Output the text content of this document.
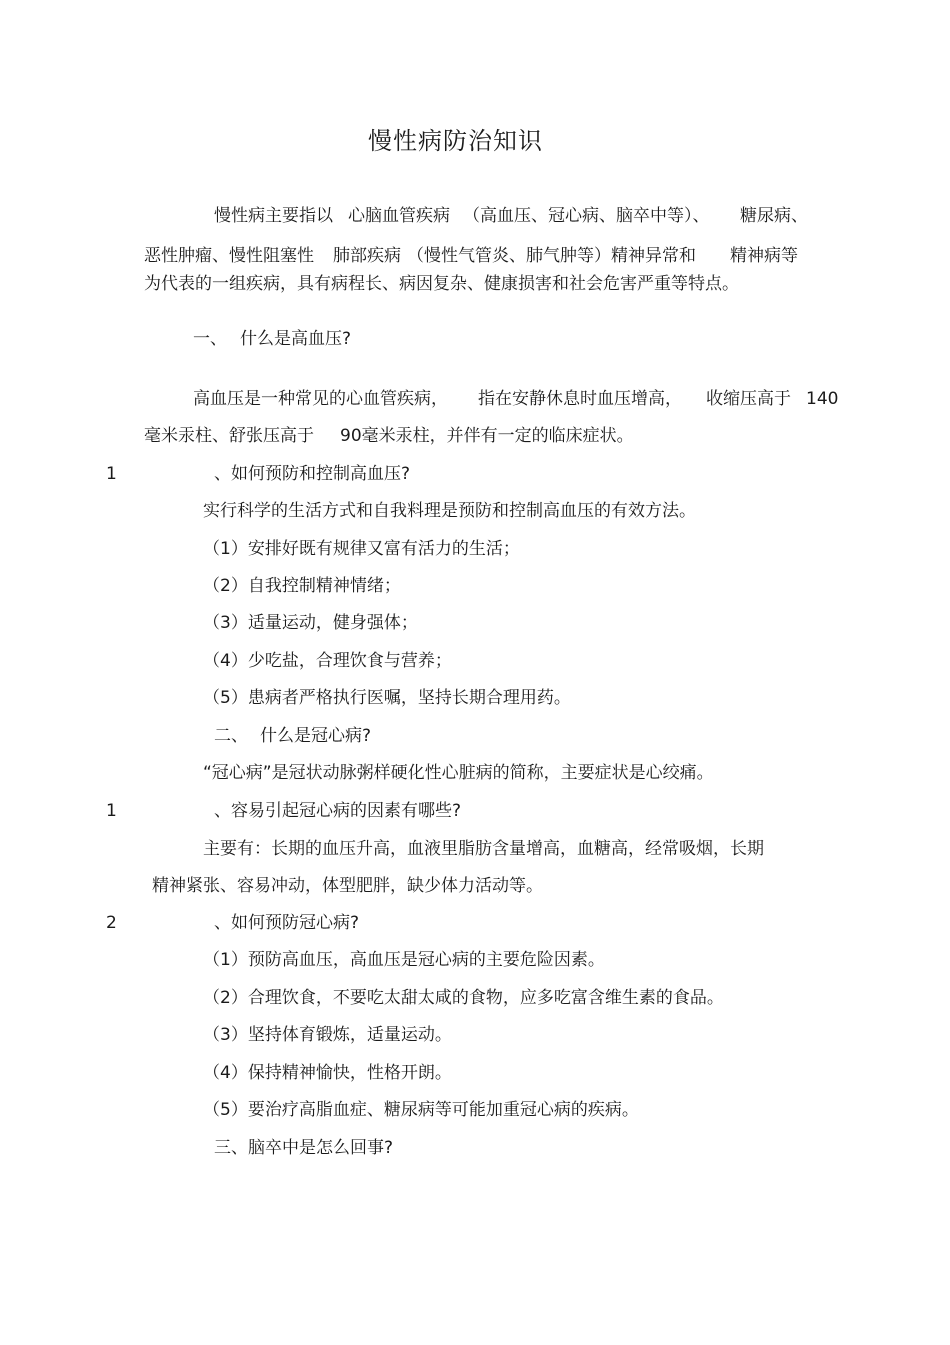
慢性病防治知识
慢性病主要指以 心脑血管疾病 （高血压、冠心病、脑卒中等）、 糖尿病、
恶性肿瘤、慢性阻塞性 肺部疾病 （慢性气管炎、肺气肿等）精神异常和 精神病等
为代表的一组疾病，具有病程长、病因复杂、健康损害和社会危害严重等特点。
一、 什么是高血压?
高血压是一种常见的心血管疾病， 指在安静休息时血压增高， 收缩压高于 140
毫米汞柱、舒张压高于 90毫米汞柱，并伴有一定的临床症状。
1	、如何预防和控制高血压?
实行科学的生活方式和自我料理是预防和控制高血压的有效方法。
（1）安排好既有规律又富有活力的生活；
（2）自我控制精神情绪；
（3）适量运动，健身强体；
（4）少吃盐，合理饮食与营养；
（5）患病者严格执行医嘱，坚持长期合理用药。
二、 什么是冠心病?
“冠心病”是冠状动脉粥样硬化性心脏病的简称，主要症状是心绞痛。
1	、容易引起冠心病的因素有哪些?
主要有：长期的血压升高，血液里脂肪含量增高，血糖高，经常吸烟，长期
精神紧张、容易冲动，体型肥胖，缺少体力活动等。
2	、如何预防冠心病?
（1）预防高血压，高血压是冠心病的主要危险因素。
（2）合理饮食，不要吃太甜太咸的食物，应多吃富含维生素的食品。
（3）坚持体育锻炼，适量运动。
（4）保持精神愉快，性格开朗。
（5）要治疗高脂血症、糖尿病等可能加重冠心病的疾病。
三、脑卒中是怎么回事?
